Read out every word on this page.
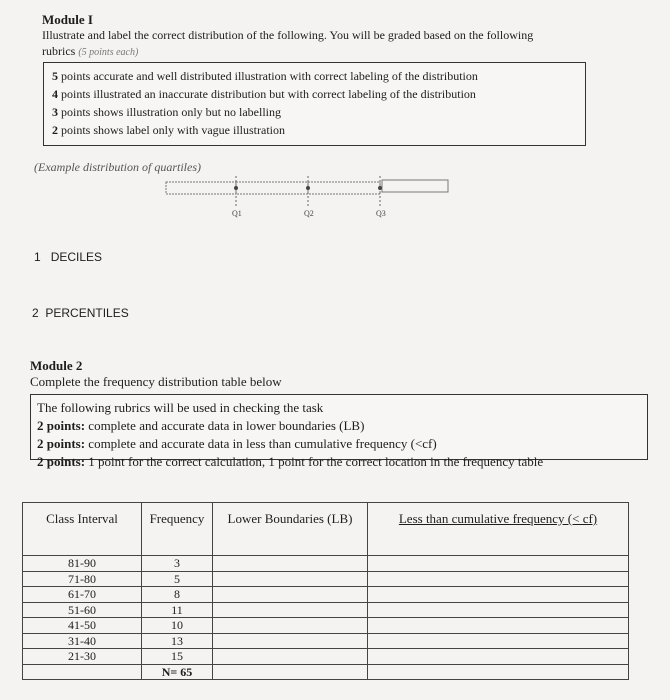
Module I
Illustrate and label the correct distribution of the following. You will be graded based on the following
rubrics (5 points each)
5 points accurate and well distributed illustration with correct labeling of the distribution
4 points illustrated an inaccurate distribution but with correct labeling of the distribution
3 points shows illustration only but no labelling
2 points shows label only with vague illustration
(Example distribution of quartiles)
Q1	Q2	Q3
1 DECILES
2 PERCENTILES
Module 2
Complete the frequency distribution table below
The following rubrics will be used in checking the task
2 points: complete and accurate data in lower boundaries (LB)
2 points: complete and accurate data in less than cumulative frequency (<cf)
2 points: 1 point for the correct calculation, 1 point for the correct location in the frequency table
Class Interval	Frequency	Lower Boundaries (LB)	Less than cumulative frequency (< cf)
81-90	3		
71-80	5		
61-70	8		
51-60	11		
41-50	10		
31-40	13		
21-30	15		
	N= 65		
